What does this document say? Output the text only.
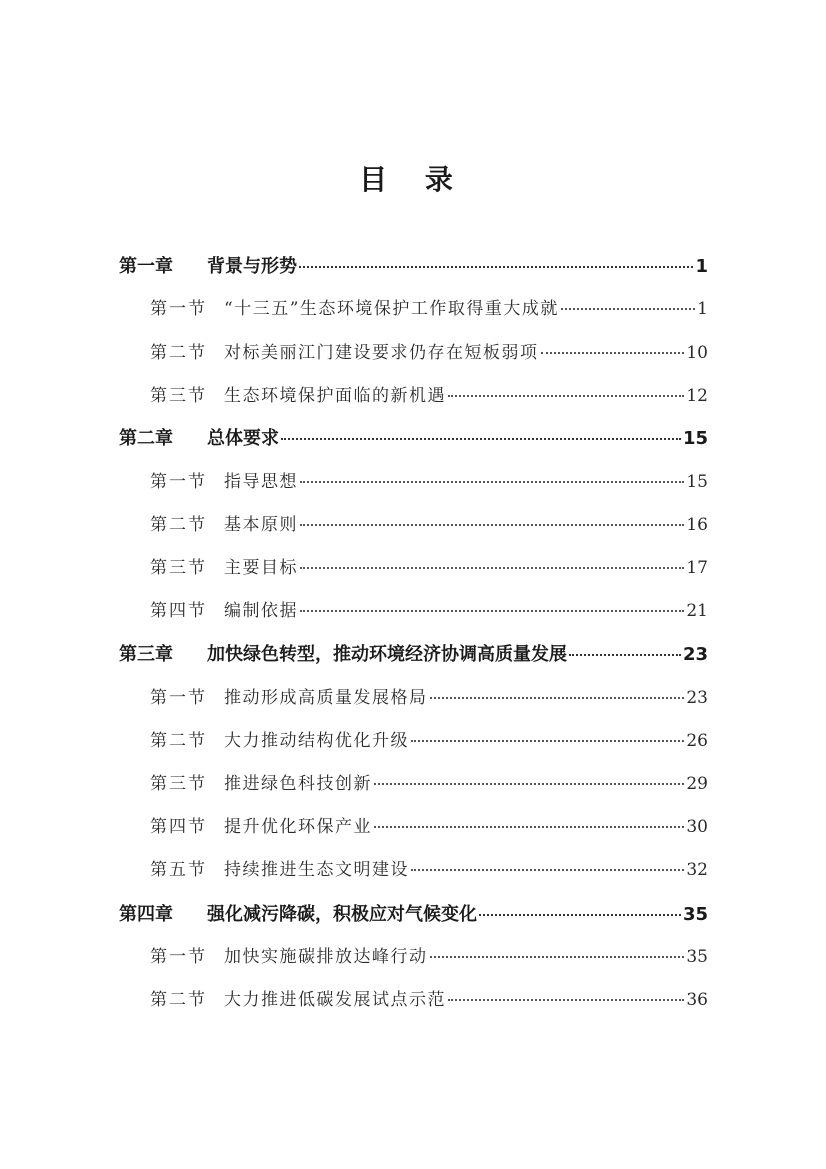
目 录
第一章	背景与形势	1
第一节	“十三五”生态环境保护工作取得重大成就	1
第二节	对标美丽江门建设要求仍存在短板弱项	10
第三节	生态环境保护面临的新机遇	12
第二章	总体要求	15
第一节	指导思想	15
第二节	基本原则	16
第三节	主要目标	17
第四节	编制依据	21
第三章	加快绿色转型，推动环境经济协调高质量发展	23
第一节	推动形成高质量发展格局	23
第二节	大力推动结构优化升级	26
第三节	推进绿色科技创新	29
第四节	提升优化环保产业	30
第五节	持续推进生态文明建设	32
第四章	强化减污降碳，积极应对气候变化	35
第一节	加快实施碳排放达峰行动	35
第二节	大力推进低碳发展试点示范	36
